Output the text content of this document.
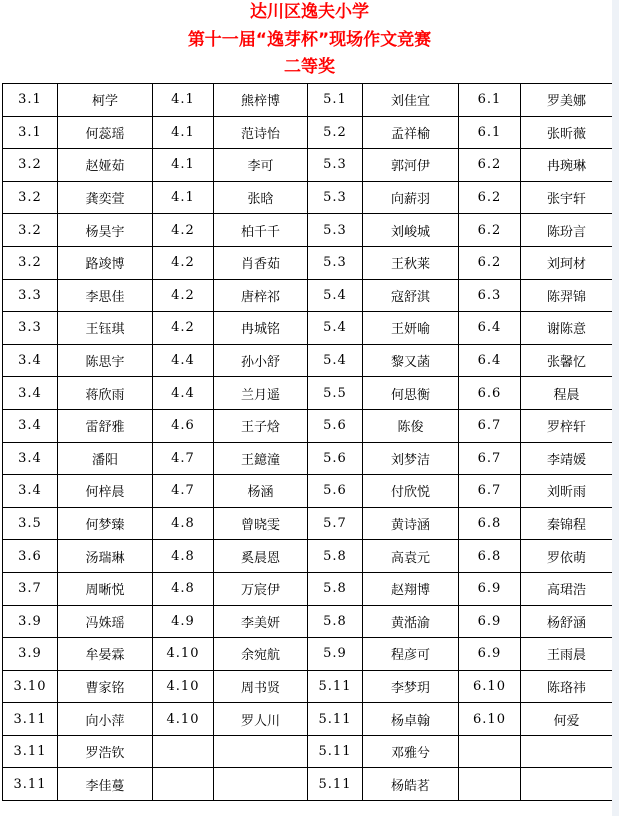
达川区逸夫小学
第十一届“逸芽杯”现场作文竞赛
二等奖
3.1	柯学	4.1	熊梓博	5.1	刘佳宜	6.1	罗美娜
3.1	何蕊瑶	4.1	范诗怡	5.2	孟祥榆	6.1	张昕薇
3.2	赵娅茹	4.1	李可	5.3	郭河伊	6.2	冉琬琳
3.2	龚奕萱	4.1	张晗	5.3	向薪羽	6.2	张宇轩
3.2	杨昊宇	4.2	柏千千	5.3	刘峻城	6.2	陈玢言
3.2	路竣博	4.2	肖香茹	5.3	王秋莱	6.2	刘珂材
3.3	李思佳	4.2	唐梓祁	5.4	寇舒淇	6.3	陈羿锦
3.3	王钰琪	4.2	冉城铭	5.4	王妍喻	6.4	谢陈意
3.4	陈思宇	4.4	孙小舒	5.4	黎又菡	6.4	张馨忆
3.4	蒋欣雨	4.4	兰月遥	5.5	何思衡	6.6	程晨
3.4	雷舒雅	4.6	王子焓	5.6	陈俊	6.7	罗梓轩
3.4	潘阳	4.7	王鐿潼	5.6	刘梦洁	6.7	李靖媛
3.4	何梓晨	4.7	杨涵	5.6	付欣悦	6.7	刘昕雨
3.5	何梦臻	4.8	曾晓雯	5.7	黄诗涵	6.8	秦锦程
3.6	汤瑞琳	4.8	奚晨恩	5.8	高袁元	6.8	罗依萌
3.7	周晰悦	4.8	万宸伊	5.8	赵翔博	6.9	高珺浩
3.9	冯姝瑶	4.9	李美妍	5.8	黄湉渝	6.9	杨舒涵
3.9	牟晏霖	4.10	余宛航	5.9	程彦可	6.9	王雨晨
3.10	曹家铭	4.10	周书贤	5.11	李梦玥	6.10	陈珞祎
3.11	向小萍	4.10	罗人川	5.11	杨卓翰	6.10	何爱
3.11	罗浩钦			5.11	邓雅兮		
3.11	李佳蔓			5.11	杨皓茗		
